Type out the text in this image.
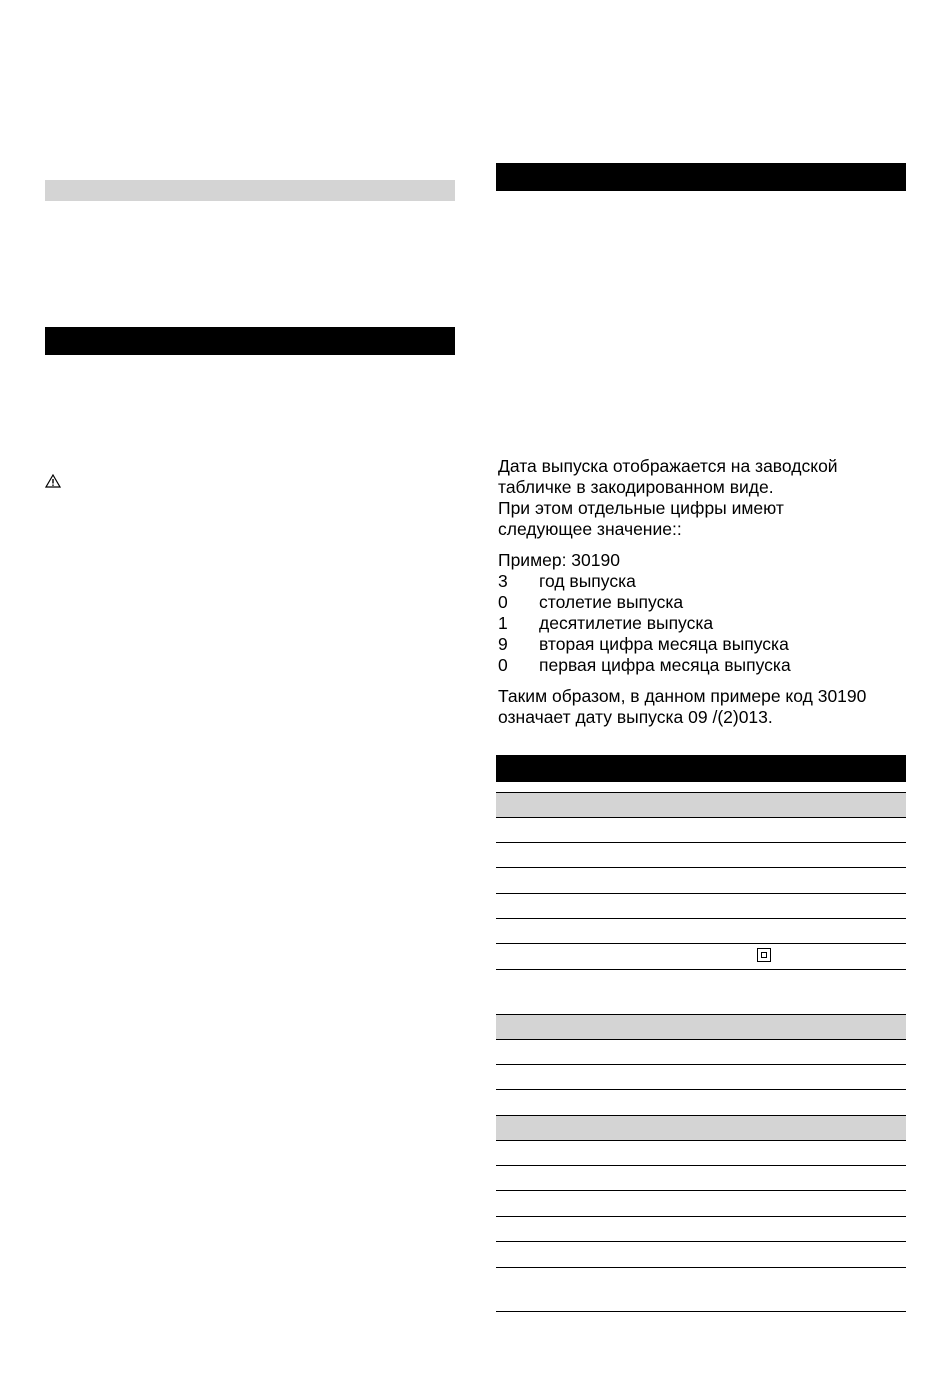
Дата выпуска отображается на заводской

табличке в закодированном виде.

При этом отдельные цифры имеют

следующее значение::

Пример: 30190

3	год выпуска
0	столетие выпуска
1	десятилетие выпуска
9	вторая цифра месяца выпуска
0	первая цифра месяца выпуска

Таким образом, в данном примере код 30190

означает дату выпуска 09 /(2)013.
